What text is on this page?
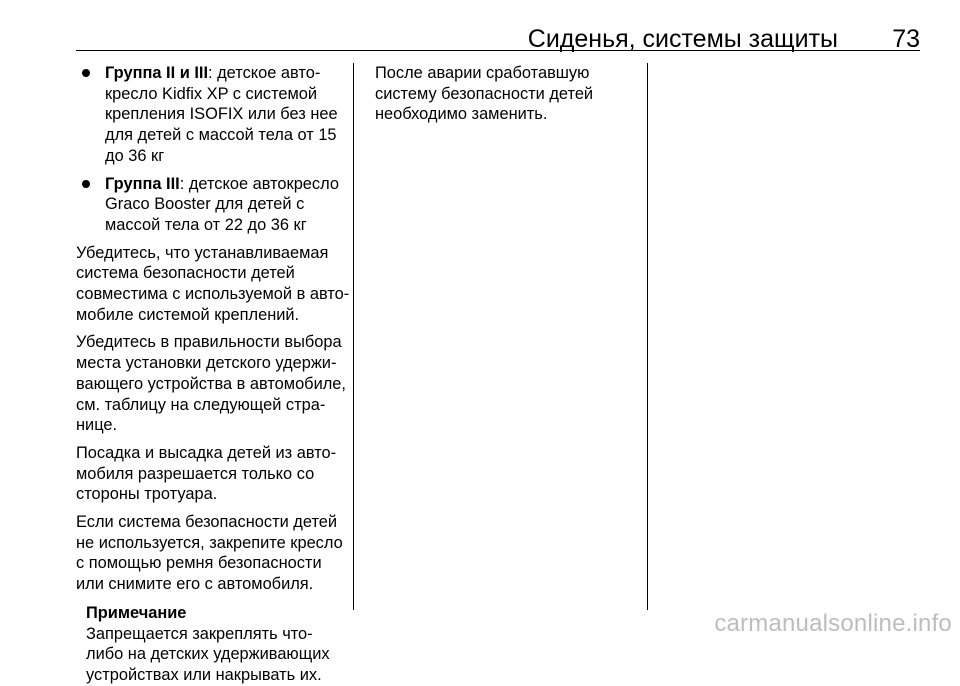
Сиденья, системы защиты 73
Группа II и III: детское авто-
кресло Kidfix XP с системой
крепления ISOFIX или без нее
для детей с массой тела от 15
до 36 кг
Группа III: детское автокресло
Graco Booster для детей с
массой тела от 22 до 36 кг

Убедитесь, что устанавливаемая
система безопасности детей
совместима с используемой в авто-
мобиле системой креплений.

Убедитесь в правильности выбора
места установки детского удержи-
вающего устройства в автомобиле,
см. таблицу на следующей стра-
нице.

Посадка и высадка детей из авто-
мобиля разрешается только со
стороны тротуара.

Если система безопасности детей
не используется, закрепите кресло
с помощью ремня безопасности
или снимите его с автомобиля.

Примечание
Запрещается закреплять что-
либо на детских удерживающих
устройствах или накрывать их.

После аварии сработавшую
систему безопасности детей
необходимо заменить.

carmanualsonline.info
